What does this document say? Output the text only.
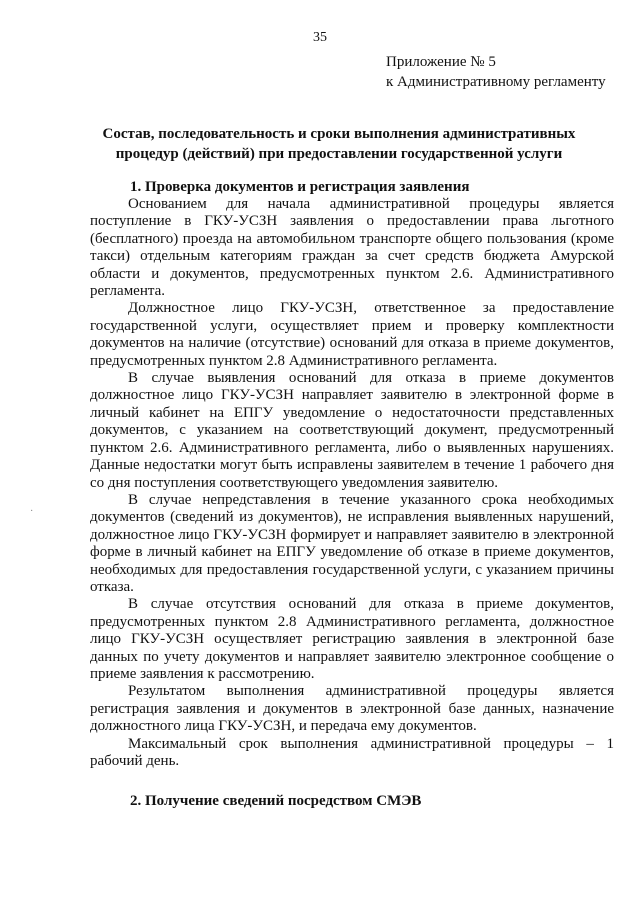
35
Приложение № 5
к Административному регламенту
Состав, последовательность и сроки выполнения административных
процедур (действий) при предоставлении государственной услуги
1. Проверка документов и регистрация заявления

Основанием для начала административной процедуры является поступление в ГКУ-УСЗН заявления о предоставлении права льготного (бесплатного) проезда на автомобильном транспорте общего пользования (кроме такси) отдельным категориям граждан за счет средств бюджета Амурской области и документов, предусмотренных пунктом 2.6. Административного регламента.

Должностное лицо ГКУ-УСЗН, ответственное за предоставление государственной услуги, осуществляет прием и проверку комплектности документов на наличие (отсутствие) оснований для отказа в приеме документов, предусмотренных пунктом 2.8 Административного регламента.

В случае выявления оснований для отказа в приеме документов должностное лицо ГКУ-УСЗН направляет заявителю в электронной форме в личный кабинет на ЕПГУ уведомление о недостаточности представленных документов, с указанием на соответствующий документ, предусмотренный пунктом 2.6. Административного регламента, либо о выявленных нарушениях. Данные недостатки могут быть исправлены заявителем в течение 1 рабочего дня со дня поступления соответствующего уведомления заявителю.

В случае непредставления в течение указанного срока необходимых документов (сведений из документов), не исправления выявленных нарушений, должностное лицо ГКУ-УСЗН формирует и направляет заявителю в электронной форме в личный кабинет на ЕПГУ уведомление об отказе в приеме документов, необходимых для предоставления государственной услуги, с указанием причины отказа.

В случае отсутствия оснований для отказа в приеме документов, предусмотренных пунктом 2.8 Административного регламента, должностное лицо ГКУ-УСЗН осуществляет регистрацию заявления в электронной базе данных по учету документов и направляет заявителю электронное сообщение о приеме заявления к рассмотрению.

Результатом выполнения административной процедуры является регистрация заявления и документов в электронной базе данных, назначение должностного лица ГКУ-УСЗН, и передача ему документов.

Максимальный срок выполнения административной процедуры – 1 рабочий день.

2. Получение сведений посредством СМЭВ
·
